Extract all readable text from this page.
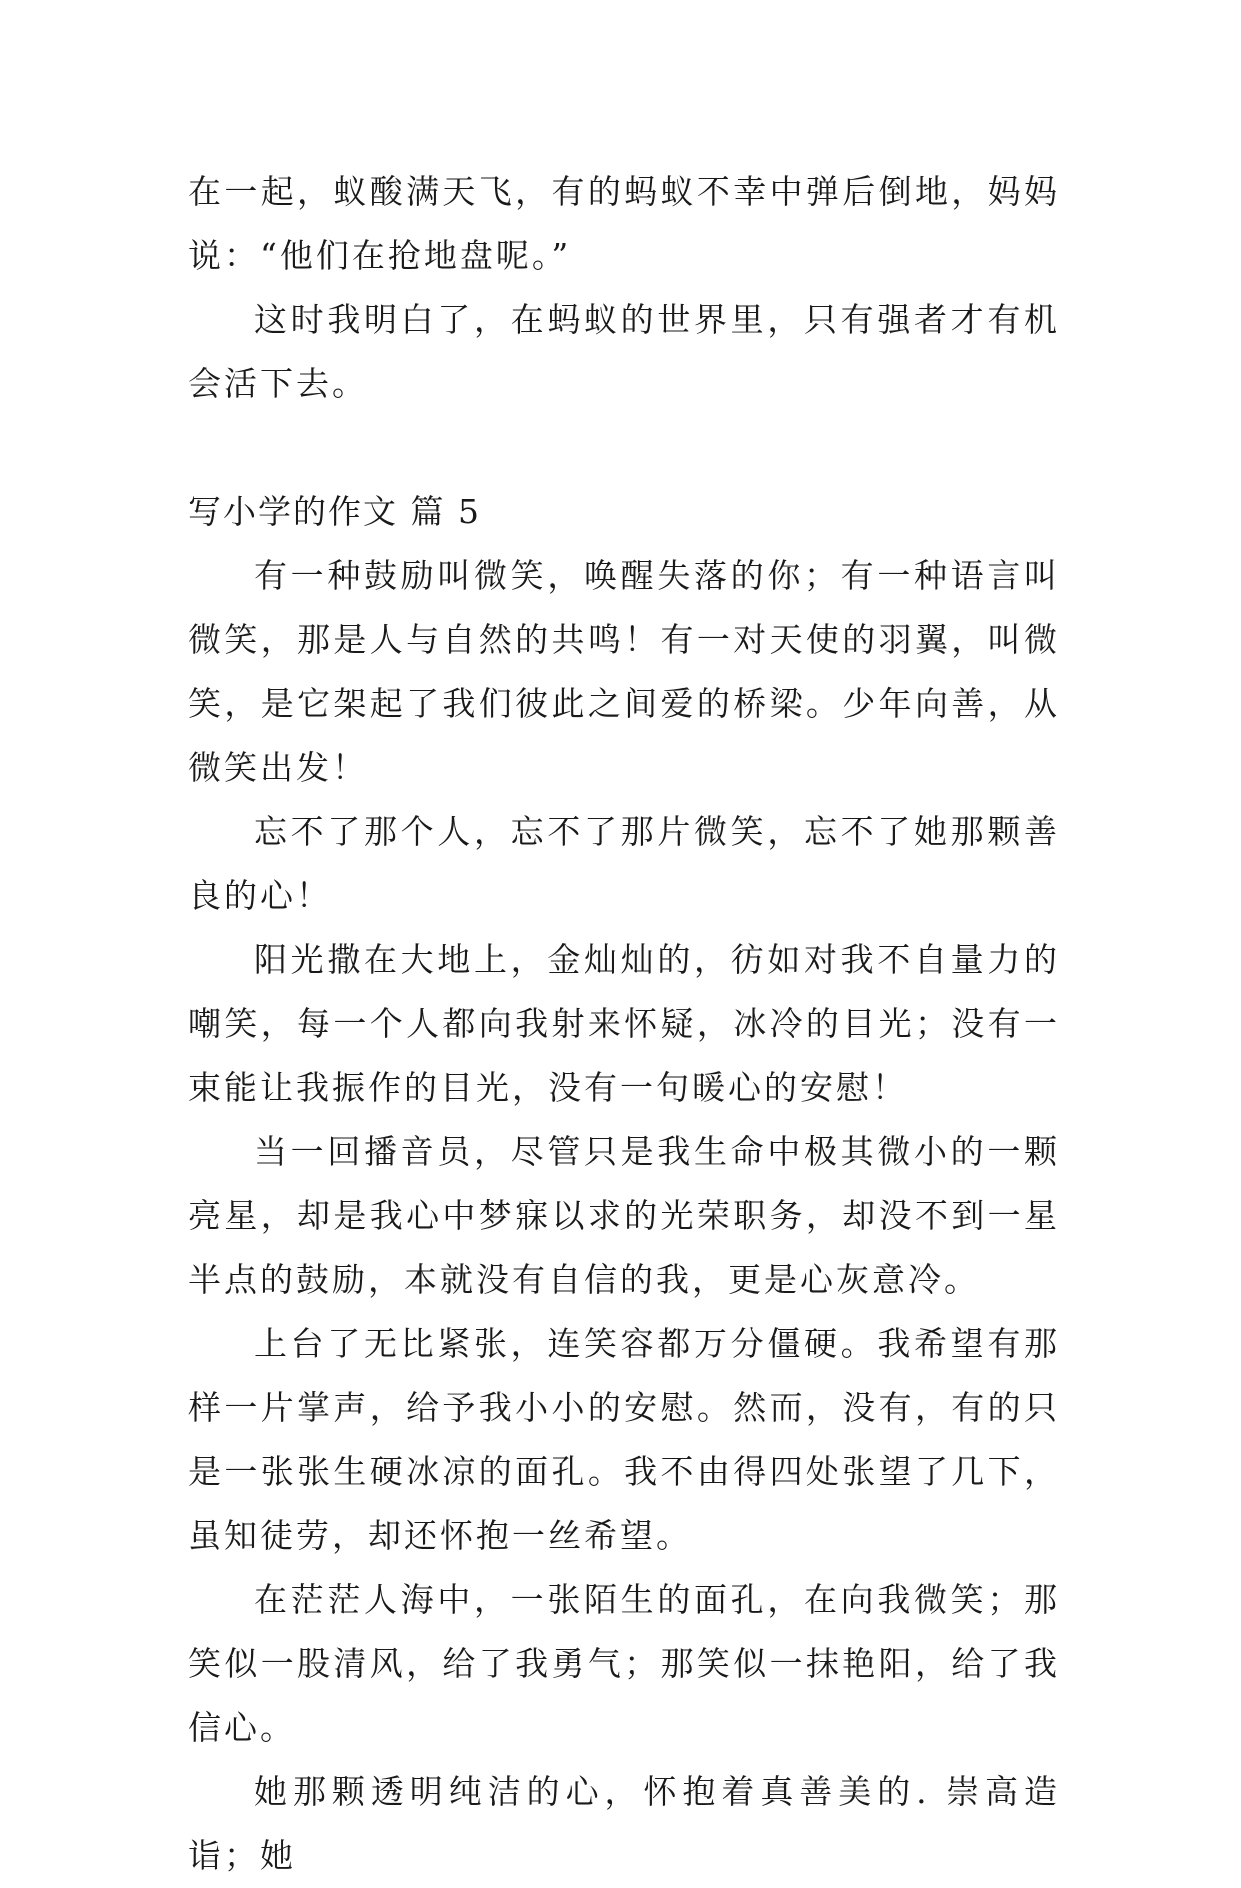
在一起，蚁酸满天飞，有的蚂蚁不幸中弹后倒地，妈妈说：“他们在抢地盘呢。”

这时我明白了，在蚂蚁的世界里，只有强者才有机会活下去。

写小学的作文 篇 5

有一种鼓励叫微笑，唤醒失落的你；有一种语言叫微笑，那是人与自然的共鸣！有一对天使的羽翼，叫微笑，是它架起了我们彼此之间爱的桥梁。少年向善，从微笑出发！

忘不了那个人，忘不了那片微笑，忘不了她那颗善良的心！

阳光撒在大地上，金灿灿的，彷如对我不自量力的嘲笑，每一个人都向我射来怀疑，冰冷的目光；没有一束能让我振作的目光，没有一句暖心的安慰！

当一回播音员，尽管只是我生命中极其微小的一颗亮星，却是我心中梦寐以求的光荣职务，却没不到一星半点的鼓励，本就没有自信的我，更是心灰意冷。

上台了无比紧张，连笑容都万分僵硬。我希望有那样一片掌声，给予我小小的安慰。然而，没有，有的只是一张张生硬冰凉的面孔。我不由得四处张望了几下，虽知徒劳，却还怀抱一丝希望。

在茫茫人海中，一张陌生的面孔，在向我微笑；那笑似一股清风，给了我勇气；那笑似一抹艳阳，给了我信心。

她那颗透明纯洁的心，怀抱着真善美的. 崇高造诣；她
